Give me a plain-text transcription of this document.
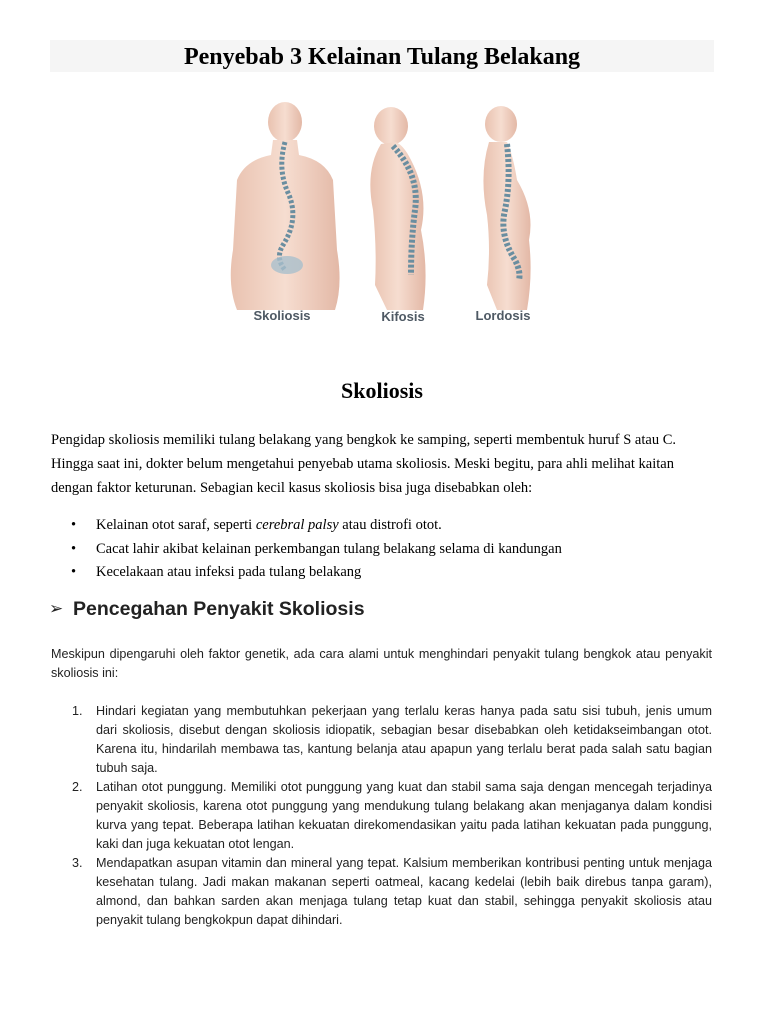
Penyebab 3 Kelainan Tulang Belakang
Skoliosis	Kifosis	Lordosis
Skoliosis
Pengidap skoliosis memiliki tulang belakang yang bengkok ke samping, seperti membentuk huruf S atau C. Hingga saat ini, dokter belum mengetahui penyebab utama skoliosis. Meski begitu, para ahli melihat kaitan dengan faktor keturunan. Sebagian kecil kasus skoliosis bisa juga disebabkan oleh:
• Kelainan otot saraf, seperti cerebral palsy atau distrofi otot.
• Cacat lahir akibat kelainan perkembangan tulang belakang selama di kandungan
• Kecelakaan atau infeksi pada tulang belakang
➢ Pencegahan Penyakit Skoliosis
Meskipun dipengaruhi oleh faktor genetik, ada cara alami untuk menghindari penyakit tulang bengkok atau penyakit skoliosis ini:
1. Hindari kegiatan yang membutuhkan pekerjaan yang terlalu keras hanya pada satu sisi tubuh, jenis umum dari skoliosis, disebut dengan skoliosis idiopatik, sebagian besar disebabkan oleh ketidakseimbangan otot. Karena itu, hindarilah membawa tas, kantung belanja atau apapun yang terlalu berat pada salah satu bagian tubuh saja.
2. Latihan otot punggung. Memiliki otot punggung yang kuat dan stabil sama saja dengan mencegah terjadinya penyakit skoliosis, karena otot punggung yang mendukung tulang belakang akan menjaganya dalam kondisi kurva yang tepat. Beberapa latihan kekuatan direkomendasikan yaitu pada latihan kekuatan pada punggung, kaki dan juga kekuatan otot lengan.
3. Mendapatkan asupan vitamin dan mineral yang tepat. Kalsium memberikan kontribusi penting untuk menjaga kesehatan tulang. Jadi makan makanan seperti oatmeal, kacang kedelai (lebih baik direbus tanpa garam), almond, dan bahkan sarden akan menjaga tulang tetap kuat dan stabil, sehingga penyakit skoliosis atau penyakit tulang bengkokpun dapat dihindari.
